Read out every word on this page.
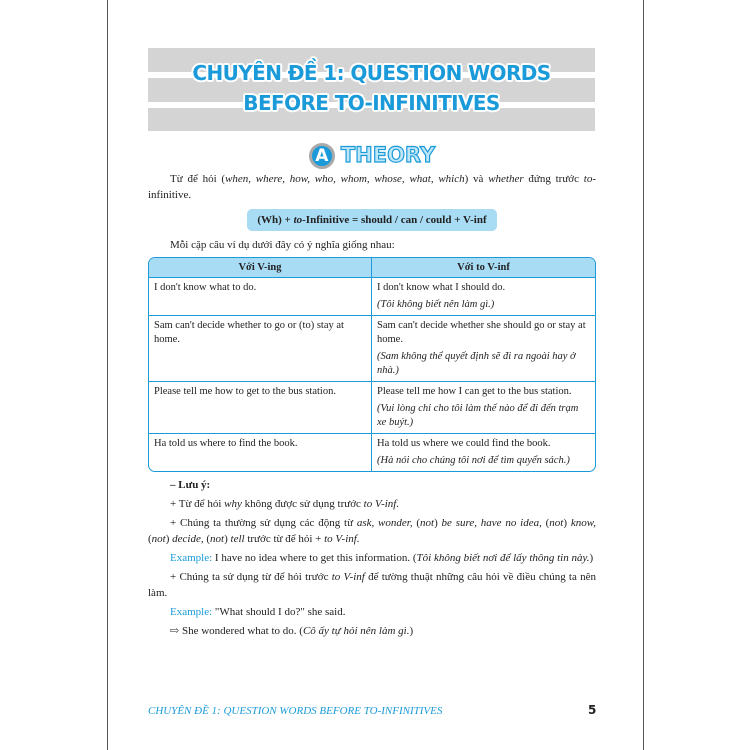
CHUYÊN ĐỀ 1: QUESTION WORDS
BEFORE TO-INFINITIVES
A THEORY
Từ để hỏi (when, where, how, who, whom, whose, what, which) và whether đứng trước to-infinitive.
(Wh) + to-Infinitive = should / can / could + V-inf
Mỗi cặp câu ví dụ dưới đây có ý nghĩa giống nhau:
Với V-ing	Với to V-inf
I don't know what to do.	I don't know what I should do.
(Tôi không biết nên làm gì.)

Sam can't decide whether to go or (to) stay at home.	Sam can't decide whether she should go or stay at home.
(Sam không thể quyết định sẽ đi ra ngoài hay ở nhà.)

Please tell me how to get to the bus station.	Please tell me how I can get to the bus station.
(Vui lòng chỉ cho tôi làm thế nào để đi đến trạm xe buýt.)

Ha told us where to find the book.	Ha told us where we could find the book.
(Hà nói cho chúng tôi nơi để tìm quyển sách.)
– Lưu ý:
+ Từ để hỏi why không được sử dụng trước to V-inf.
+ Chúng ta thường sử dụng các động từ ask, wonder, (not) be sure, have no idea, (not) know, (not) decide, (not) tell trước từ để hỏi + to V-inf.
Example: I have no idea where to get this information. (Tôi không biết nơi để lấy thông tin này.)
+ Chúng ta sử dụng từ để hỏi trước to V-inf để tường thuật những câu hỏi về điều chúng ta nên làm.
Example: "What should I do?" she said.
⇨ She wondered what to do. (Cô ấy tự hỏi nên làm gì.)
CHUYÊN ĐỀ 1: QUESTION WORDS BEFORE TO-INFINITIVES	5
